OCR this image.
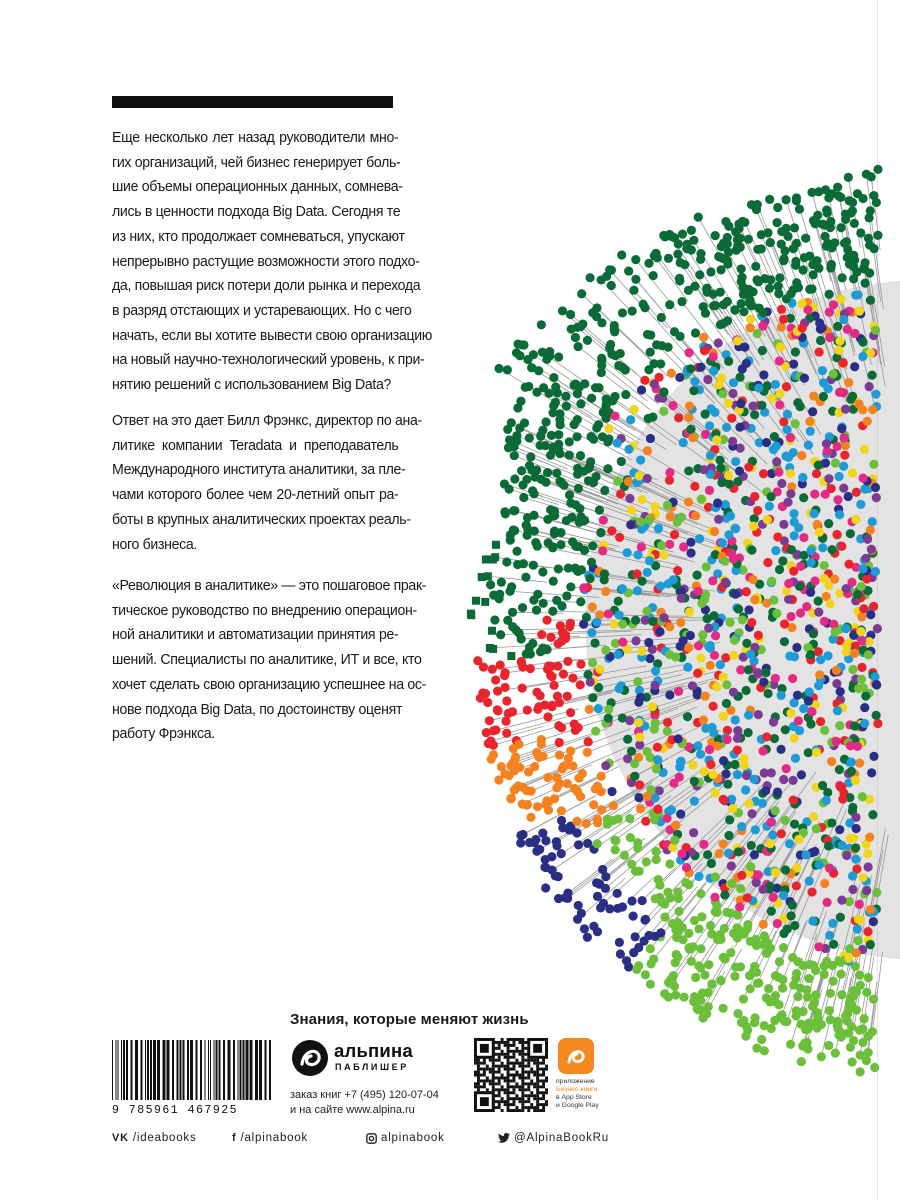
Еще несколько лет назад руководители мно-
гих организаций, чей бизнес генерирует боль-
шие объемы операционных данных, сомнева-
лись в ценности подхода Big Data. Сегодня те
из них, кто продолжает сомневаться, упускают
непрерывно растущие возможности этого подхо-
да, повышая риск потери доли рынка и перехода
в разряд отстающих и устаревающих. Но с чего
начать, если вы хотите вывести свою организацию
на новый научно-технологический уровень, к при-
нятию решений с использованием Big Data?
Ответ на это дает Билл Фрэнкс, директор по ана-
литике компании Teradata и преподаватель
Международного института аналитики, за пле-
чами которого более чем 20-летний опыт ра-
боты в крупных аналитических проектах реаль-
ного бизнеса.
«Революция в аналитике» — это пошаговое прак-
тическое руководство по внедрению операцион-
ной аналитики и автоматизации принятия ре-
шений. Специалисты по аналитике, ИТ и все, кто
хочет сделать свою организацию успешнее на ос-
нове подхода Big Data, по достоинству оценят
работу Фрэнкса.
Знания, которые меняют жизнь
9 785961 467925
альпина
ПАБЛИШЕР
заказ книг +7 (495) 120-07-04
и на сайте www.alpina.ru
приложение
Бизнес-книги
в App Store
и Google Play
VK /ideabooks	f /alpinabook	alpinabook	@AlpinaBookRu
